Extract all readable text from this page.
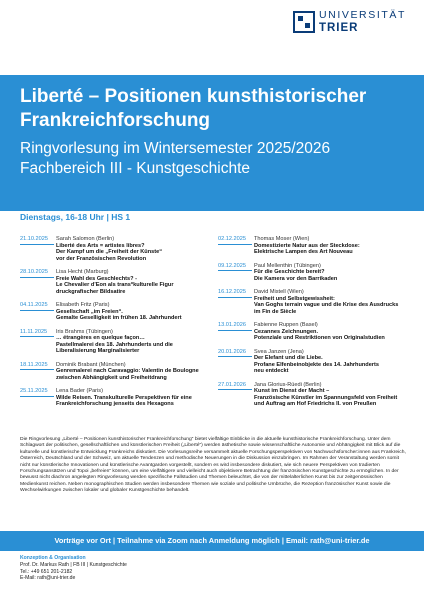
UNIVERSITÄT
TRIER
Liberté – Positionen kunsthistorischer Frankreichforschung
Ringvorlesung im Wintersemester 2025/2026
Fachbereich III - Kunstgeschichte
Dienstags, 16-18 Uhr | HS 1
21.10.2025	Sarah Salomon (Berlin)
Liberté des Arts = artistes libres?
Der Kampf um die „Freiheit der Künste“
vor der Französischen Revolution
28.10.2025	Lisa Hecht (Marburg)
Freie Wahl des Geschlechts? -
Le Chevalier d’Eon als trans*kulturelle Figur
druckgrafischer Bildsatire
04.11.2025	Elisabeth Fritz (Paris)
Gesellschaft „im Freien“.
Gemalte Geselligkeit im frühen 18. Jahrhundert
11.11.2025	Iris Brahms (Tübingen)
… étrangères en quelque façon…
Pastellmalerei des 18. Jahrhunderts und die
Liberalisierung Marginalisierter
18.11.2025	Dominik Brabant (München)
Genremalerei nach Caravaggio: Valentin de Boulogne
zwischen Abhängigkeit und Freiheitdrang
25.11.2025	Lena Bader (Paris)
Wilde Reisen. Transkulturelle Perspektiven für eine
Frankreichforschung jenseits des Hexagons
02.12.2025	Thomas Moser (Wien)
Domestizierte Natur aus der Steckdose:
Elektrische Lampen des Art Nouveau
09.12.2025	Paul Mellenthin (Tübingen)
Für die Geschichte bereit?
Die Kamera vor den Barrikaden
16.12.2025	David Mistell (Wien)
Freiheit und Selbstgewissheit:
Van Goghs terrain vague und die Krise des Ausdrucks
im Fin de Siècle
13.01.2026	Fabienne Ruppen (Basel)
Cezannes Zeichnungen.
Potenziale und Restriktionen von Originalstudien
20.01.2026	Svea Janzen (Jena)
Der Elefant und die Liebe.
Profane Elfenbeinobjekte des 14. Jahrhunderts
neu entdeckt
27.01.2026	Jana Glorius-Rüedi (Berlin)
Kunst im Dienst der Macht –
Französische Künstler im Spannungsfeld von Freiheit
und Auftrag am Hof Friedrichs II. von Preußen

Die Ringvorlesung „Liberté – Positionen kunsthistorischer Frankreichforschung“ bietet vielfältige Einblicke in die aktuelle kunsthistorische Frankreichforschung. Unter dem Schlagwort der politischen, gesellschaftlichen und künstlerischen Freiheit („Liberté“) werden ästhetische sowie wissenschaftliche Autonomie und Abhängigkeit mit Blick auf die kulturelle und künstlerische Entwicklung Frankreichs diskutiert. Die Vorlesungsreihe versammelt aktuelle Forschungsperspektiven von Nachwuchsforscher:innen aus Frankreich, Österreich, Deutschland und der Schweiz, um aktuelle Tendenzen und methodische Neuerungen in die Diskussion einzubringen. Im Rahmen der Veranstaltung werden somit nicht nur künstlerische Innovationen und künstlerische Avantgarden vorgestellt, sondern es wird insbesondere diskutiert, wie sich neuere Perspektiven von tradierten Forschungsansätzen und Topoi „befreien“ können, um eine vielfältigere und vielleicht auch objektivere Betrachtung der französischen Kunstgeschichte zu ermöglichen. In der bewusst nicht diachron angelegten Ringvorlesung werden spezifische Fallstudien und Themen beleuchtet, die von der mittelalterlichen Kunst bis zur zeitgenössischen Medienkunst reichen. Neben monographischen Studien werden insbesondere Themen wie soziale und politische Umbrüche, die Rezeption französischer Kunst sowie die Wechselwirkungen zwischen lokaler und globaler Kunstgeschichte behandelt.

Vorträge vor Ort | Teilnahme via Zoom nach Anmeldung möglich | Email: rath@uni-trier.de
Konzeption & Organisation
Prof. Dr. Markus Rath | FB III | Kunstgeschichte
Tel.: +49 651 201-2182
E-Mail: rath@uni-trier.de
